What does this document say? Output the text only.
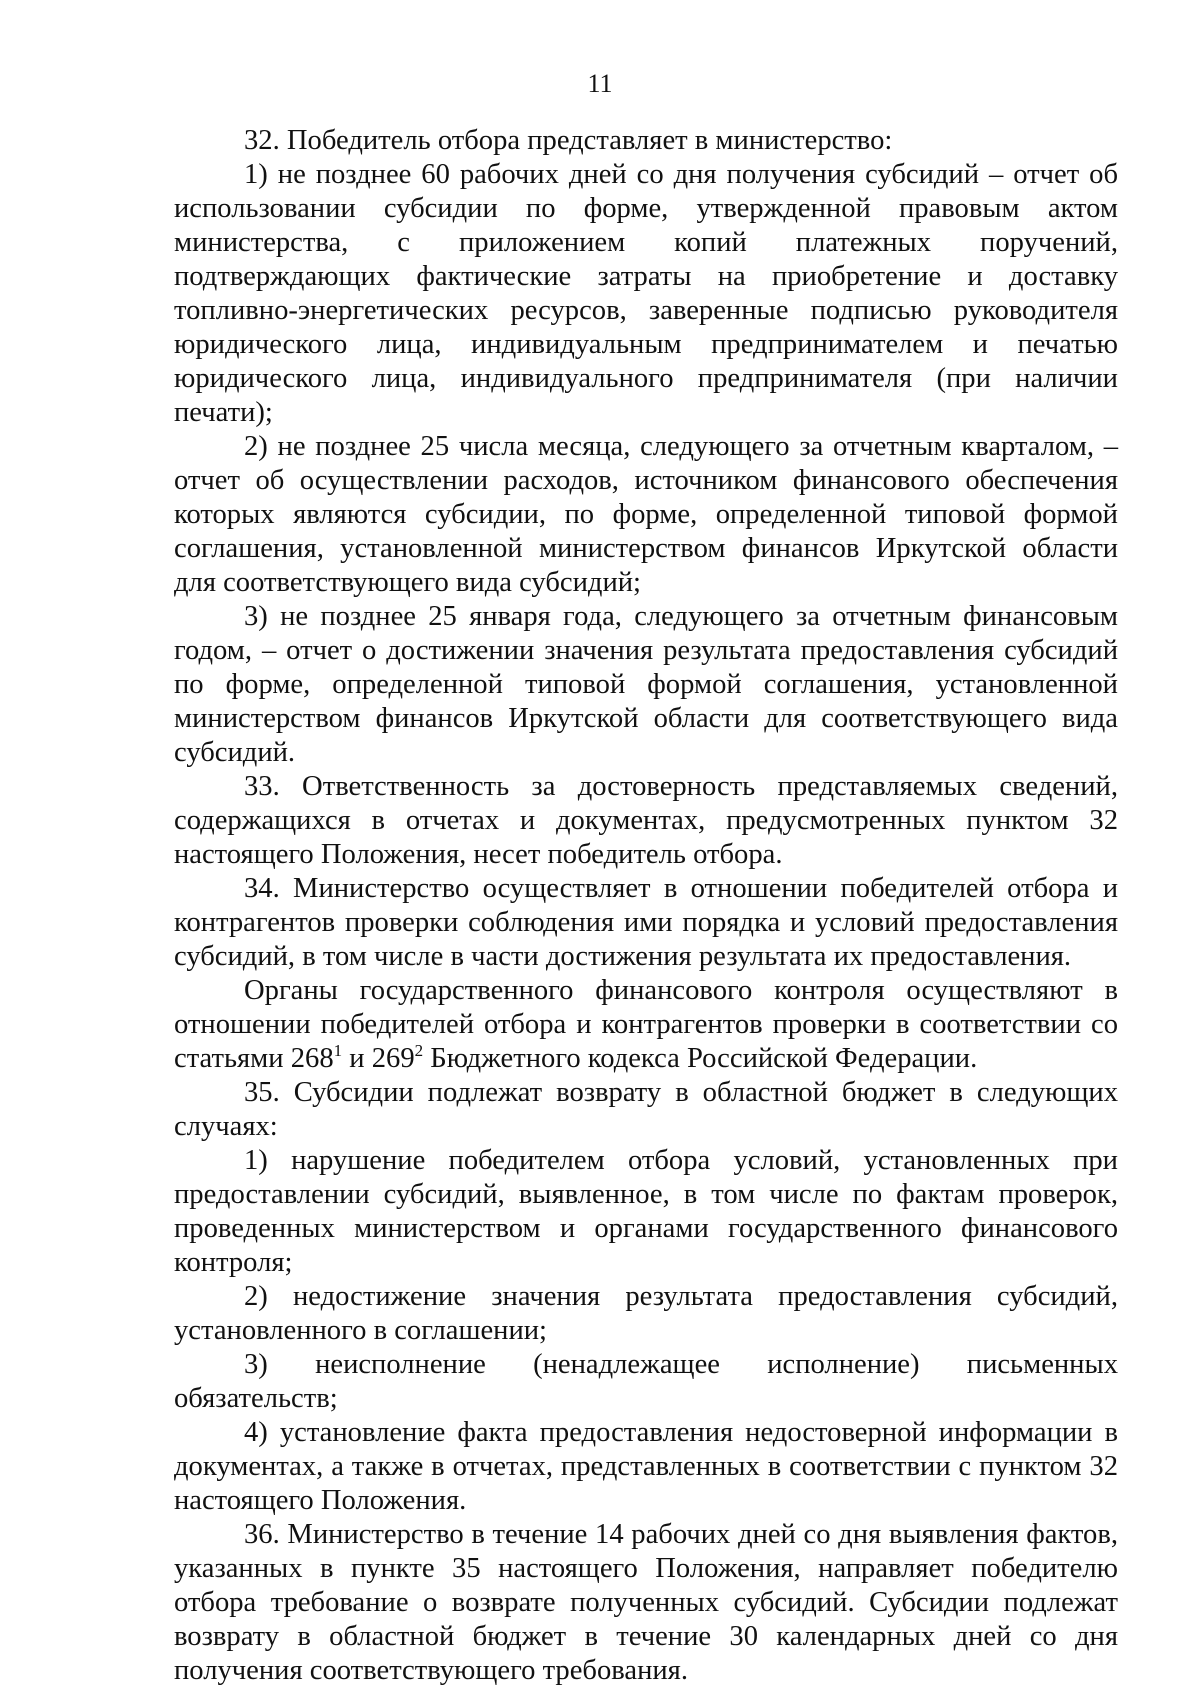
11

32. Победитель отбора представляет в министерство:

1) не позднее 60 рабочих дней со дня получения субсидий – отчет об использовании субсидии по форме, утвержденной правовым актом министерства, с приложением копий платежных поручений, подтверждающих фактические затраты на приобретение и доставку топливно-энергетических ресурсов, заверенные подписью руководителя юридического лица, индивидуальным предпринимателем и печатью юридического лица, индивидуального предпринимателя (при наличии печати);

2) не позднее 25 числа месяца, следующего за отчетным кварталом, – отчет об осуществлении расходов, источником финансового обеспечения которых являются субсидии, по форме, определенной типовой формой соглашения, установленной министерством финансов Иркутской области для соответствующего вида субсидий;

3) не позднее 25 января года, следующего за отчетным финансовым годом, – отчет о достижении значения результата предоставления субсидий по форме, определенной типовой формой соглашения, установленной министерством финансов Иркутской области для соответствующего вида субсидий.

33. Ответственность за достоверность представляемых сведений, содержащихся в отчетах и документах, предусмотренных пунктом 32 настоящего Положения, несет победитель отбора.

34. Министерство осуществляет в отношении победителей отбора и контрагентов проверки соблюдения ими порядка и условий предоставления субсидий, в том числе в части достижения результата их предоставления.

Органы государственного финансового контроля осуществляют в отношении победителей отбора и контрагентов проверки в соответствии со статьями $268^1$ и $269^2$ Бюджетного кодекса Российской Федерации.

35. Субсидии подлежат возврату в областной бюджет в следующих случаях:

1) нарушение победителем отбора условий, установленных при предоставлении субсидий, выявленное, в том числе по фактам проверок, проведенных министерством и органами государственного финансового контроля;

2) недостижение значения результата предоставления субсидий, установленного в соглашении;

3) неисполнение (ненадлежащее исполнение) письменных обязательств;

4) установление факта предоставления недостоверной информации в документах, а также в отчетах, представленных в соответствии с пунктом 32 настоящего Положения.

36. Министерство в течение 14 рабочих дней со дня выявления фактов, указанных в пункте 35 настоящего Положения, направляет победителю отбора требование о возврате полученных субсидий. Субсидии подлежат возврату в областной бюджет в течение 30 календарных дней со дня получения соответствующего требования.
